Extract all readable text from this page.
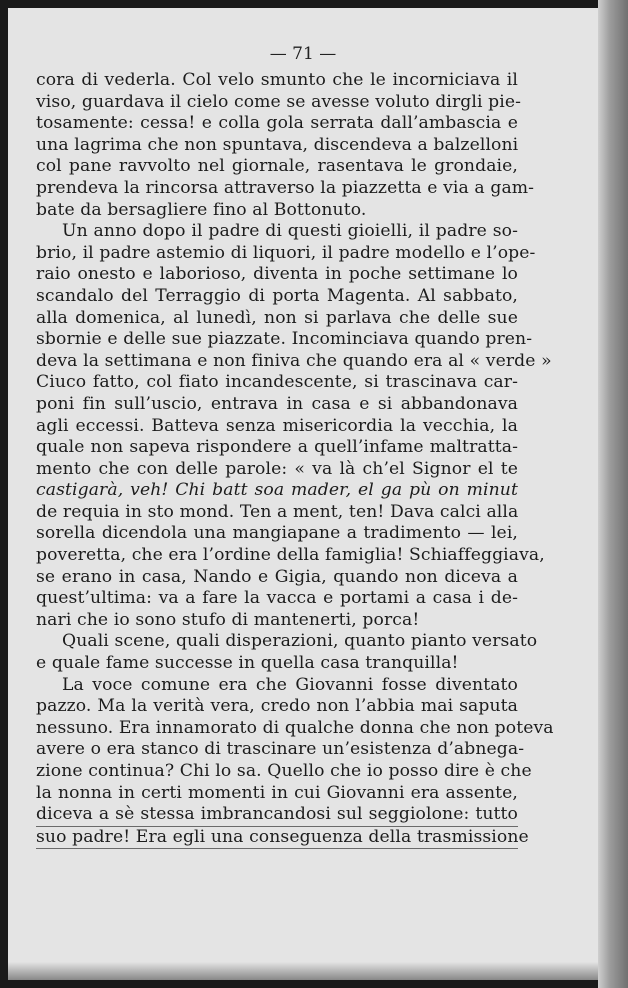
— 71 —
cora di vederla. Col velo smunto che le incorniciava il
viso, guardava il cielo come se avesse voluto dirgli pie-
tosamente: cessa! e colla gola serrata dall’ambascia e
una lagrima che non spuntava, discendeva a balzelloni
col pane ravvolto nel giornale, rasentava le grondaie,
prendeva la rincorsa attraverso la piazzetta e via a gam-
bate da bersagliere fino al Bottonuto.
Un anno dopo il padre di questi gioielli, il padre so-
brio, il padre astemio di liquori, il padre modello e l’ope-
raio onesto e laborioso, diventa in poche settimane lo
scandalo del Terraggio di porta Magenta. Al sabbato,
alla domenica, al lunedì, non si parlava che delle sue
sbornie e delle sue piazzate. Incominciava quando pren-
deva la settimana e non finiva che quando era al « verde »
Ciuco fatto, col fiato incandescente, si trascinava car-
poni fin sull’uscio, entrava in casa e si abbandonava
agli eccessi. Batteva senza misericordia la vecchia, la
quale non sapeva rispondere a quell’infame maltratta-
mento che con delle parole: « va là ch’el Signor el te
castigarà, veh! Chi batt soa mader, el ga pù on minut
de requia in sto mond. Ten a ment, ten! Dava calci alla
sorella dicendola una mangiapane a tradimento — lei,
poveretta, che era l’ordine della famiglia! Schiaffeggiava,
se erano in casa, Nando e Gigia, quando non diceva a
quest’ultima: va a fare la vacca e portami a casa i de-
nari che io sono stufo di mantenerti, porca!
Quali scene, quali disperazioni, quanto pianto versato
e quale fame successe in quella casa tranquilla!
La voce comune era che Giovanni fosse diventato
pazzo. Ma la verità vera, credo non l’abbia mai saputa
nessuno. Era innamorato di qualche donna che non poteva
avere o era stanco di trascinare un’esistenza d’abnega-
zione continua? Chi lo sa. Quello che io posso dire è che
la nonna in certi momenti in cui Giovanni era assente,
diceva a sè stessa imbrancandosi sul seggiolone: tutto
suo padre! Era egli una conseguenza della trasmissione
